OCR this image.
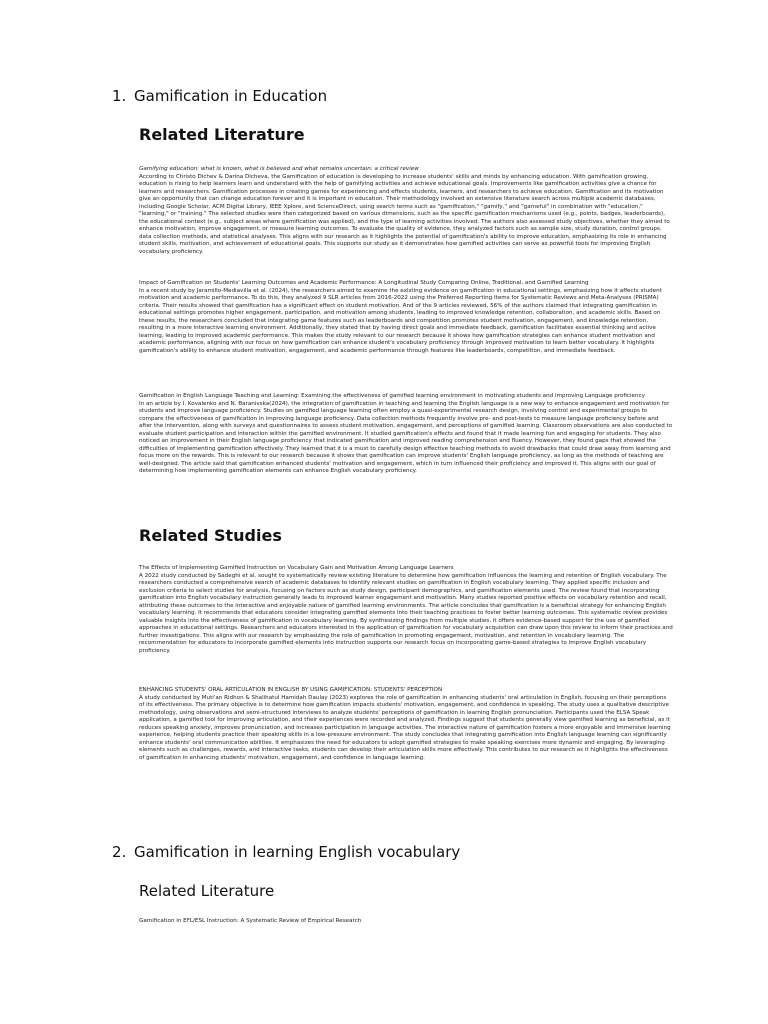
1. Gamification in Education
Related Literature
Gamifying education: what is known, what is believed and what remains uncertain: a critical review

According to Christo Dichev & Darina Dicheva, the Gamification of education is developing to increase students' skills and minds by enhancing education. With gamification growing, education is rising to help learners learn and understand with the help of gamifying activities and achieve educational goals. Improvements like gamification activities give a chance for learners and researchers. Gamification processes in creating games for experiencing and effects students, learners, and researchers to achieve education. Gamification and its motivation give an opportunity that can change education forever and it is important in education. Their methodology involved an extensive literature search across multiple academic databases, including Google Scholar, ACM Digital Library, IEEE Xplore, and ScienceDirect, using search terms such as "gamification," "gamify," and "gameful" in combination with "education," "learning," or "training." The selected studies were then categorized based on various dimensions, such as the specific gamification mechanisms used (e.g., points, badges, leaderboards), the educational context (e.g., subject areas where gamification was applied), and the type of learning activities involved. The authors also assessed study objectives, whether they aimed to enhance motivation, improve engagement, or measure learning outcomes. To evaluate the quality of evidence, they analyzed factors such as sample size, study duration, control groups, data collection methods, and statistical analyses. This aligns with our research as it highlights the potential of gamification's ability to improve education, emphasizing its role in enhancing student skills, motivation, and achievement of educational goals. This supports our study as it demonstrates how gamified activities can serve as powerful tools for improving English vocabulary proficiency.

Impact of Gamification on Students' Learning Outcomes and Academic Performance: A Longitudinal Study Comparing Online, Traditional, and Gamified Learning

In a recent study by Jaramillo-Mediavilla et al. (2024), the researchers aimed to examine the existing evidence on gamification in educational settings, emphasizing how it affects student motivation and academic performance. To do this, they analyzed 9 SLR articles from 2016-2022 using the Preferred Reporting Items for Systematic Reviews and Meta-Analyses (PRISMA) criteria. Their results showed that gamification has a significant effect on student motivation. And of the 9 articles reviewed, 56% of the authors claimed that integrating gamification in educational settings promotes higher engagement, participation, and motivation among students, leading to improved knowledge retention, collaboration, and academic skills. Based on these results, the researchers concluded that integrating game features such as leaderboards and competition promotes student motivation, engagement, and knowledge retention, resulting in a more interactive learning environment. Additionally, they stated that by having direct goals and immediate feedback, gamification facilitates essential thinking and active learning, leading to improved academic performance. This makes the study relevant to our research because it shows how gamification strategies can enhance student motivation and academic performance, aligning with our focus on how gamification can enhance student's vocabulary proficiency through improved motivation to learn better vocabulary. It highlights gamification's ability to enhance student motivation, engagement, and academic performance through features like leaderboards, competition, and immediate feedback.

Gamification in English Language Teaching and Learning: Examining the effectiveness of gamified learning environment in motivating students and improving Language proficiency

In an article by I. Kovalenko and N. Baranivska(2024), the integration of gamification in teaching and learning the English language is a new way to enhance engagement and motivation for students and improve language proficiency. Studies on gamified language learning often employ a quasi-experimental research design, involving control and experimental groups to compare the effectiveness of gamification in improving language proficiency. Data collection methods frequently involve pre- and post-tests to measure language proficiency before and after the intervention, along with surveys and questionnaires to assess student motivation, engagement, and perceptions of gamified learning. Classroom observations are also conducted to evaluate student participation and interaction within the gamified environment. It studied gamification's effects and found that it made learning fun and engaging for students. They also noticed an improvement in their English language proficiency that indicated gamification and improved reading comprehension and fluency. However, they found gaps that showed the difficulties of implementing gamification effectively. They learned that it is a must to carefully design effective teaching methods to avoid drawbacks that could draw away from learning and focus more on the rewards. This is relevant to our research because it shows that gamification can improve students' English language proficiency, as long as the methods of teaching are well-designed. The article said that gamification enhanced students' motivation and engagement, which in turn influenced their proficiency and improved it. This aligns with our goal of determining how implementing gamification elements can enhance English vocabulary proficiency.

Related Studies
The Effects of Implementing Gamified Instruction on Vocabulary Gain and Motivation Among Language Learners

A 2022 study conducted by Sadeghi et al. sought to systematically review existing literature to determine how gamification influences the learning and retention of English vocabulary. The researchers conducted a comprehensive search of academic databases to identify relevant studies on gamification in English vocabulary learning. They applied specific inclusion and exclusion criteria to select studies for analysis, focusing on factors such as study design, participant demographics, and gamification elements used. The review found that incorporating gamification into English vocabulary instruction generally leads to improved learner engagement and motivation. Many studies reported positive effects on vocabulary retention and recall, attributing these outcomes to the interactive and enjoyable nature of gamified learning environments. The article concludes that gamification is a beneficial strategy for enhancing English vocabulary learning. It recommends that educators consider integrating gamified elements into their teaching practices to foster better learning outcomes. This systematic review provides valuable insights into the effectiveness of gamification in vocabulary learning. By synthesizing findings from multiple studies, it offers evidence-based support for the use of gamified approaches in educational settings. Researchers and educators interested in the application of gamification for vocabulary acquisition can draw upon this review to inform their practices and further investigations. This aligns with our research by emphasizing the role of gamification in promoting engagement, motivation, and retention in vocabulary learning. The recommendation for educators to incorporate gamified elements into instruction supports our research focus on incorporating game-based strategies to improve English vocabulary proficiency.

ENHANCING STUDENTS' ORAL ARTICULATION IN ENGLISH BY USING GAMIFICATION: STUDENTS' PERCEPTION

A study conducted by Muti'an Ridhon & Shalihatul Hamidah Daulay (2023) explores the role of gamification in enhancing students' oral articulation in English, focusing on their perceptions of its effectiveness. The primary objective is to determine how gamification impacts students' motivation, engagement, and confidence in speaking. The study uses a qualitative descriptive methodology, using observations and semi-structured interviews to analyze students' perceptions of gamification in learning English pronunciation. Participants used the ELSA Speak application, a gamified tool for improving articulation, and their experiences were recorded and analyzed. Findings suggest that students generally view gamified learning as beneficial, as it reduces speaking anxiety, improves pronunciation, and increases participation in language activities. The interactive nature of gamification fosters a more enjoyable and immersive learning experience, helping students practice their speaking skills in a low-pressure environment. The study concludes that integrating gamification into English language learning can significantly enhance students' oral communication abilities. It emphasizes the need for educators to adopt gamified strategies to make speaking exercises more dynamic and engaging. By leveraging elements such as challenges, rewards, and interactive tasks, students can develop their articulation skills more effectively. This contributes to our research as it highlights the effectiveness of gamification in enhancing students' motivation, engagement, and confidence in language learning.

2. Gamification in learning English vocabulary
Related Literature
Gamification in EFL/ESL Instruction: A Systematic Review of Empirical Research
